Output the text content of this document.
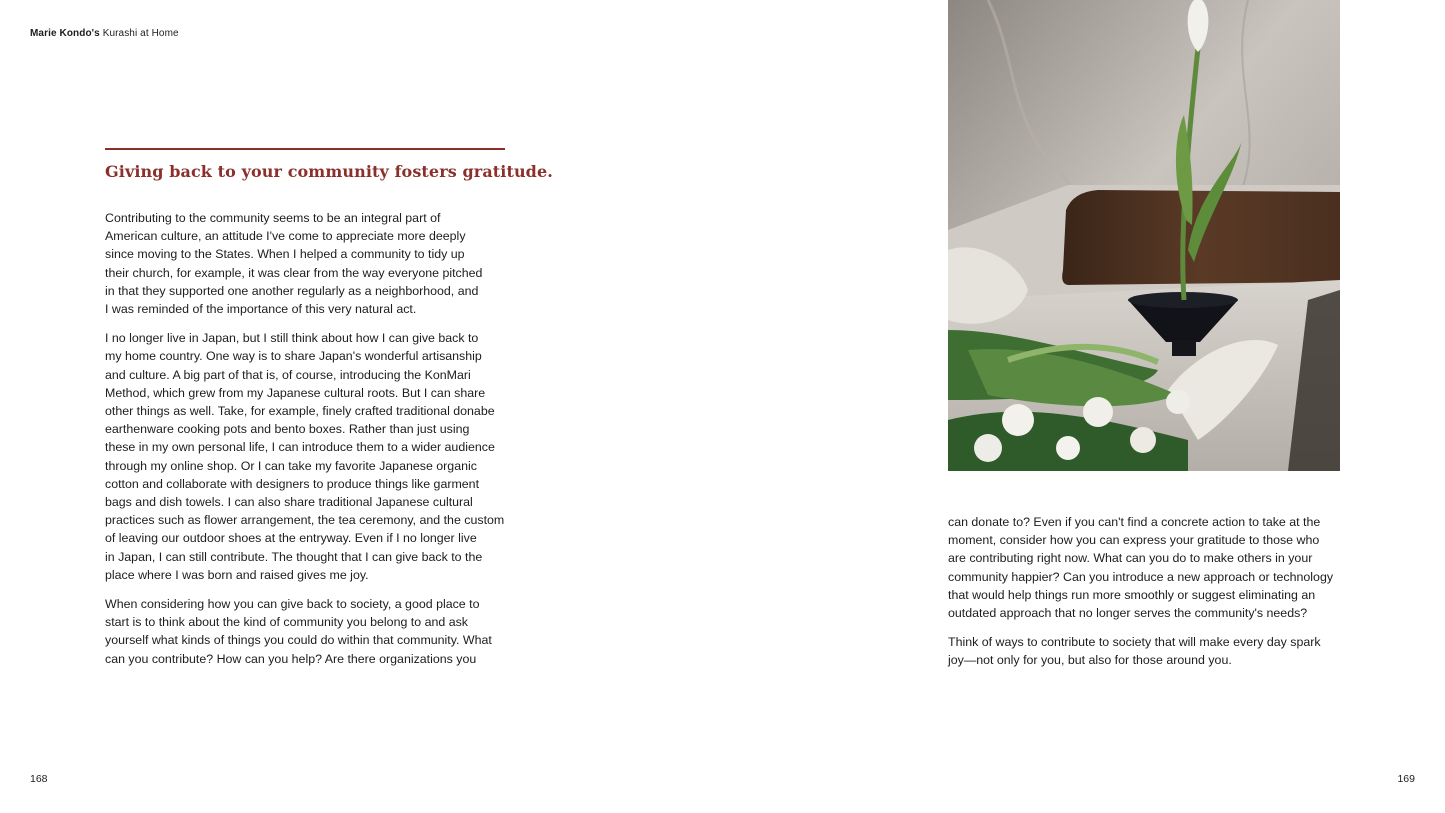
Marie Kondo's Kurashi at Home
Giving back to your community fosters gratitude.

Contributing to the community seems to be an integral part of
American culture, an attitude I've come to appreciate more deeply
since moving to the States. When I helped a community to tidy up
their church, for example, it was clear from the way everyone pitched
in that they supported one another regularly as a neighborhood, and
I was reminded of the importance of this very natural act.

I no longer live in Japan, but I still think about how I can give back to
my home country. One way is to share Japan's wonderful artisanship
and culture. A big part of that is, of course, introducing the KonMari
Method, which grew from my Japanese cultural roots. But I can share
other things as well. Take, for example, finely crafted traditional donabe
earthenware cooking pots and bento boxes. Rather than just using
these in my own personal life, I can introduce them to a wider audience
through my online shop. Or I can take my favorite Japanese organic
cotton and collaborate with designers to produce things like garment
bags and dish towels. I can also share traditional Japanese cultural
practices such as flower arrangement, the tea ceremony, and the custom
of leaving our outdoor shoes at the entryway. Even if I no longer live
in Japan, I can still contribute. The thought that I can give back to the
place where I was born and raised gives me joy.

When considering how you can give back to society, a good place to
start is to think about the kind of community you belong to and ask
yourself what kinds of things you could do within that community. What
can you contribute? How can you help? Are there organizations you

can donate to? Even if you can't find a concrete action to take at the
moment, consider how you can express your gratitude to those who
are contributing right now. What can you do to make others in your
community happier? Can you introduce a new approach or technology
that would help things run more smoothly or suggest eliminating an
outdated approach that no longer serves the community's needs?

Think of ways to contribute to society that will make every day spark
joy—not only for you, but also for those around you.

168	169
